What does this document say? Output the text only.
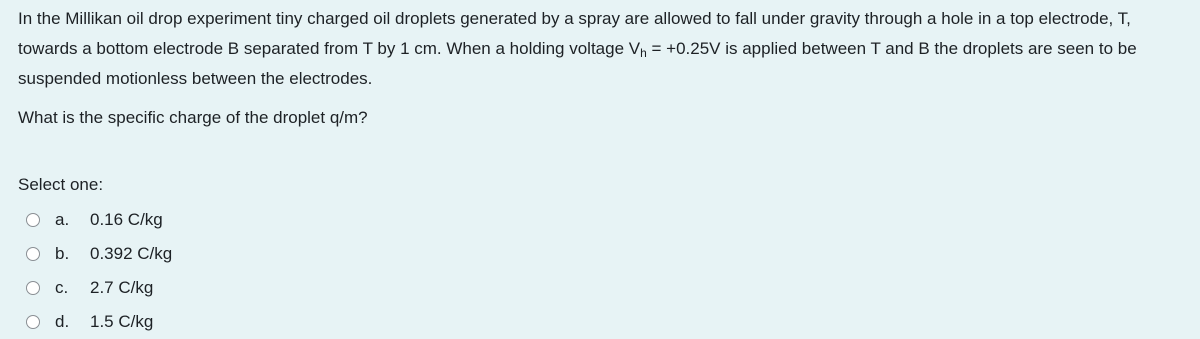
In the Millikan oil drop experiment tiny charged oil droplets generated by a spray are allowed to fall under gravity through a hole in a top electrode, T, towards a bottom electrode B separated from T by 1 cm. When a holding voltage $V_h = +0.25V$ is applied between T and B the droplets are seen to be suspended motionless between the electrodes.

What is the specific charge of the droplet q/m?

Select one:
a.	0.16 C/kg
b.	0.392 C/kg
c.	2.7 C/kg
d.	1.5 C/kg
